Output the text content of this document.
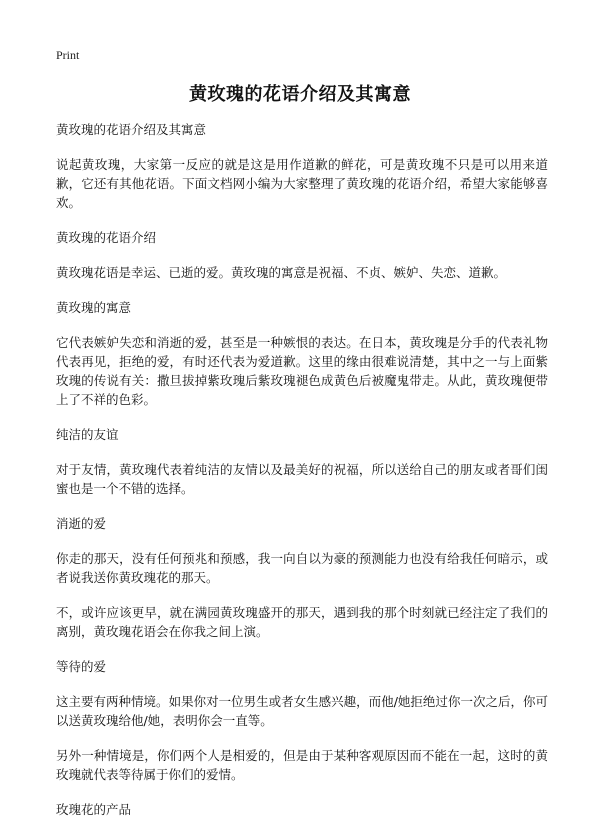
Print
黄玫瑰的花语介绍及其寓意

黄玫瑰的花语介绍及其寓意

说起黄玫瑰，大家第一反应的就是这是用作道歉的鲜花，可是黄玫瑰不只是可以用来道歉，它还有其他花语。下面文档网小编为大家整理了黄玫瑰的花语介绍，希望大家能够喜欢。

黄玫瑰的花语介绍

黄玫瑰花语是幸运、已逝的爱。黄玫瑰的寓意是祝福、不贞、嫉妒、失恋、道歉。

黄玫瑰的寓意

它代表嫉妒失恋和消逝的爱，甚至是一种嫉恨的表达。在日本，黄玫瑰是分手的代表礼物代表再见，拒绝的爱，有时还代表为爱道歉。这里的缘由很难说清楚，其中之一与上面紫玫瑰的传说有关：撒旦拔掉紫玫瑰后紫玫瑰褪色成黄色后被魔鬼带走。从此，黄玫瑰便带上了不祥的色彩。

纯洁的友谊

对于友情，黄玫瑰代表着纯洁的友情以及最美好的祝福，所以送给自己的朋友或者哥们闺蜜也是一个不错的选择。

消逝的爱

你走的那天，没有任何预兆和预感，我一向自以为豪的预测能力也没有给我任何暗示，或者说我送你黄玫瑰花的那天。

不，或许应该更早，就在满园黄玫瑰盛开的那天，遇到我的那个时刻就已经注定了我们的离别，黄玫瑰花语会在你我之间上演。

等待的爱

这主要有两种情境。如果你对一位男生或者女生感兴趣，而他/她拒绝过你一次之后，你可以送黄玫瑰给他/她，表明你会一直等。

另外一种情境是，你们两个人是相爱的，但是由于某种客观原因而不能在一起，这时的黄玫瑰就代表等待属于你们的爱情。

玫瑰花的产品
